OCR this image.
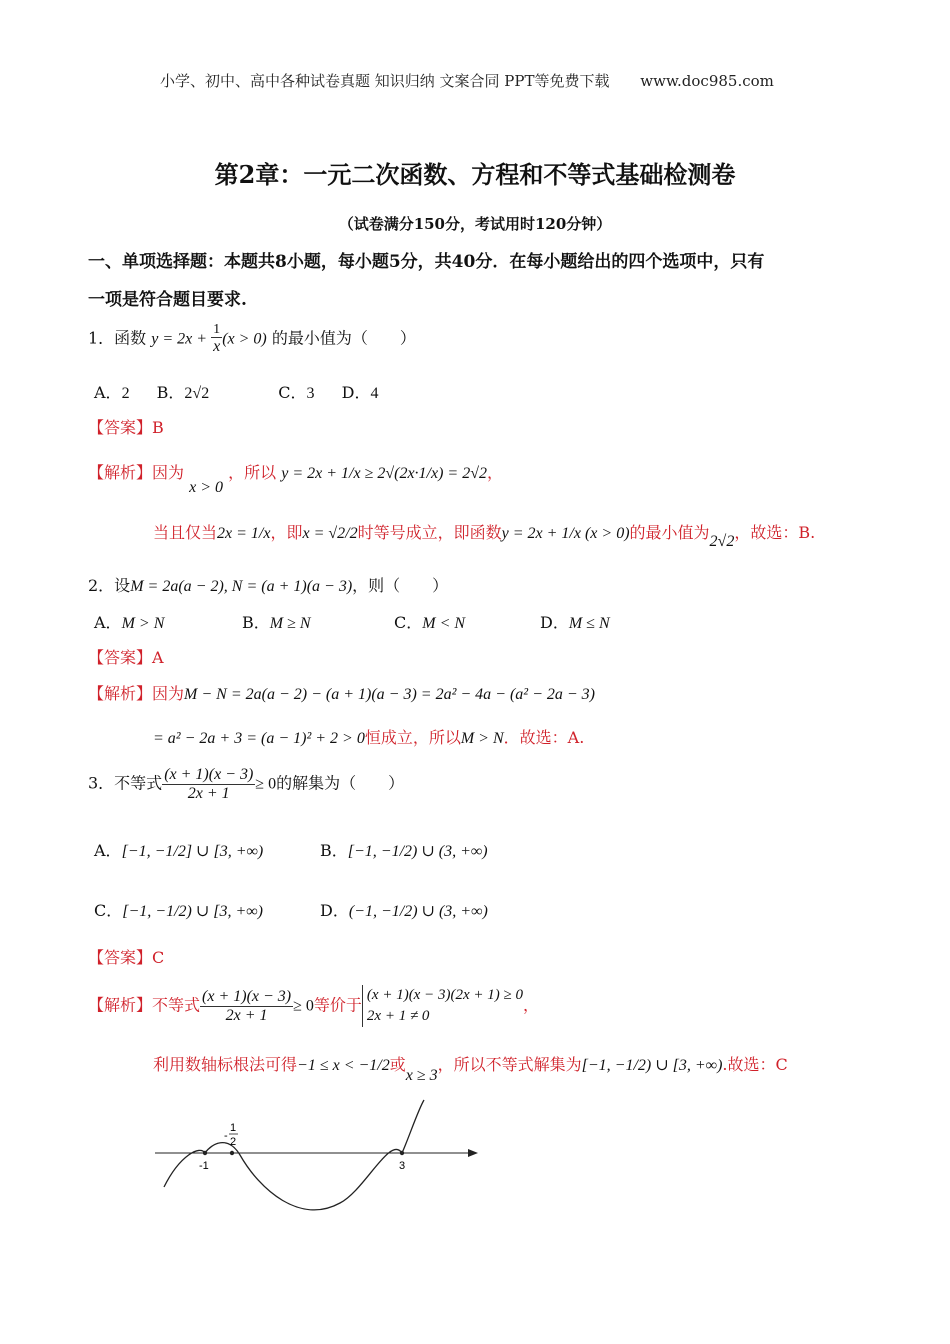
小学、初中、高中各种试卷真题 知识归纳 文案合同 PPT等免费下载 www.doc985.com
第2章：一元二次函数、方程和不等式基础检测卷
（试卷满分150分，考试用时120分钟）
一、单项选择题：本题共8小题，每小题5分，共40分．在每小题给出的四个选项中，只有
一项是符合题目要求.
1．函数 $y = 2x + \frac{1}{x} (x > 0)$ 的最小值为（　　）
A．2 B．2√2	C．3 D．4
【答案】B
【解析】因为 x > 0 ，所以 y = 2x + 1/x ≥ 2√(2x·1/x) = 2√2，
当且仅当2x = 1/x，即x = √2/2时等号成立，即函数y = 2x + 1/x (x > 0)的最小值为2√2，故选：B.
2．设M = 2a(a − 2), N = (a + 1)(a − 3)，则（　　）
A．M > N	B．M ≥ N	C．M < N	D．M ≤ N
【答案】A
【解析】因为M − N = 2a(a − 2) − (a + 1)(a − 3) = 2a² − 4a − (a² − 2a − 3)
= a² − 2a + 3 = (a − 1)² + 2 > 0恒成立，所以M > N．故选：A.
3．不等式 $\frac{(x + 1)(x - 3)}{2x + 1} \ge 0$的解集为（　　）
A．[−1, −1/2] ∪ [3, +∞)	B．[−1, −1/2) ∪ (3, +∞)
C．[−1, −1/2) ∪ [3, +∞)	D．(−1, −1/2) ∪ (3, +∞)
【答案】C
【解析】不等式 $\frac{(x + 1)(x - 3)}{2x + 1} \ge 0$等价于
(x + 1)(x − 3)(2x + 1) ≥ 0
2x + 1 ≠ 0
，
利用数轴标根法可得−1 ≤ x < −1/2或x ≥ 3，所以不等式解集为[−1, −1/2) ∪ [3, +∞).故选：C
-1
-
1
2
3
